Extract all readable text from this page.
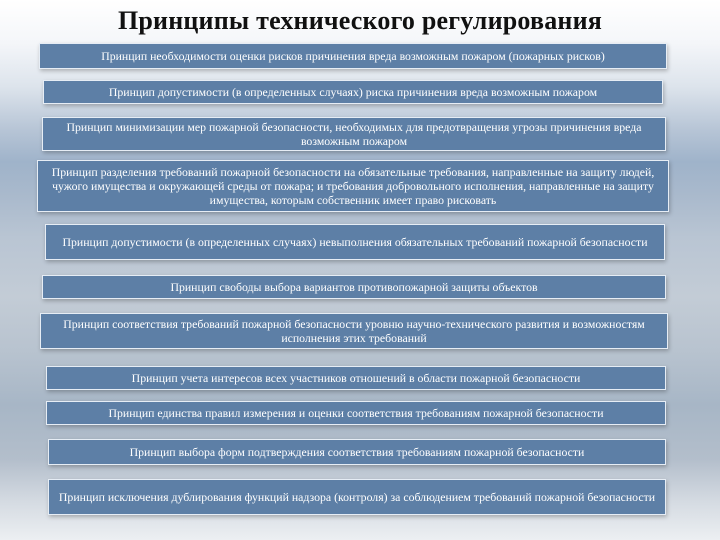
Принципы технического регулирования
Принцип необходимости оценки рисков причинения вреда возможным пожаром (пожарных рисков)
Принцип допустимости (в определенных случаях) риска причинения вреда возможным пожаром
Принцип минимизации мер пожарной безопасности, необходимых для предотвращения угрозы причинения вреда возможным пожаром
Принцип разделения требований пожарной безопасности на обязательные требования, направленные на защиту людей, чужого имущества и окружающей среды от пожара; и требования добровольного исполнения, направленные на защиту имущества, которым собственник имеет право рисковать
Принцип допустимости (в определенных случаях) невыполнения обязательных требований пожарной безопасности
Принцип свободы выбора вариантов противопожарной защиты объектов
Принцип соответствия требований пожарной безопасности уровню научно-технического развития и возможностям исполнения этих требований
Принцип учета интересов всех участников отношений в области пожарной безопасности
Принцип единства правил измерения и оценки соответствия требованиям пожарной безопасности
Принцип выбора форм подтверждения соответствия требованиям пожарной безопасности
Принцип исключения дублирования функций надзора (контроля) за соблюдением требований пожарной безопасности
